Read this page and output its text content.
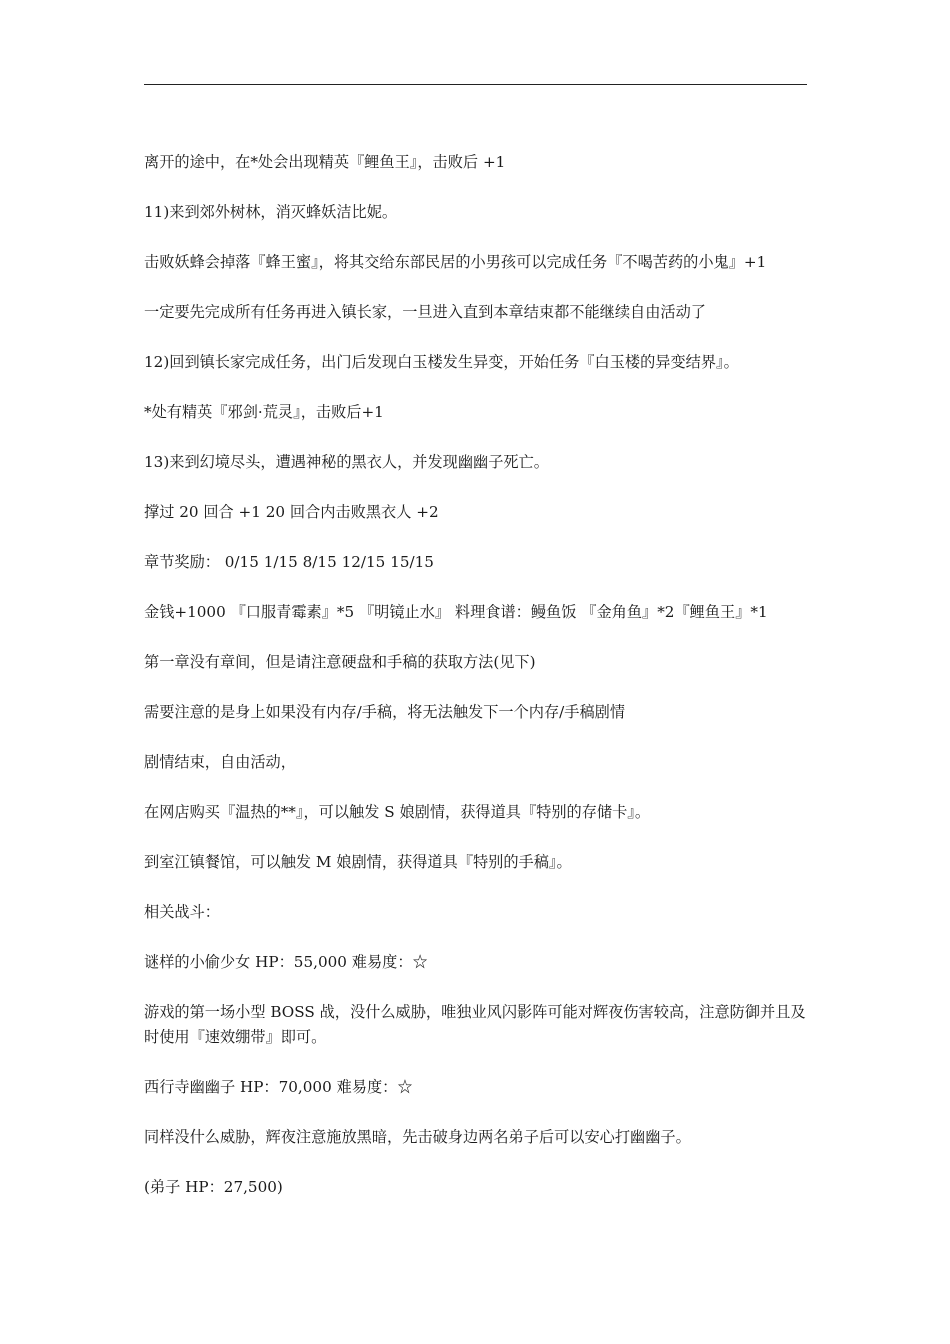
离开的途中，在*处会出现精英『鲤鱼王』，击败后 +1

11)来到郊外树林，消灭蜂妖洁比妮。

击败妖蜂会掉落『蜂王蜜』，将其交给东部民居的小男孩可以完成任务『不喝苦药的小鬼』+1

一定要先完成所有任务再进入镇长家，一旦进入直到本章结束都不能继续自由活动了

12)回到镇长家完成任务，出门后发现白玉楼发生异变，开始任务『白玉楼的异变结界』。

*处有精英『邪剑·荒灵』，击败后+1

13)来到幻境尽头，遭遇神秘的黑衣人，并发现幽幽子死亡。

撑过 20 回合 +1 20 回合内击败黑衣人 +2

章节奖励： 0/15 1/15 8/15 12/15 15/15

金钱+1000 『口服青霉素』*5 『明镜止水』 料理食谱：鳗鱼饭 『金角鱼』*2『鲤鱼王』*1

第一章没有章间，但是请注意硬盘和手稿的获取方法(见下)

需要注意的是身上如果没有内存/手稿，将无法触发下一个内存/手稿剧情

剧情结束，自由活动，

在网店购买『温热的**』，可以触发 S 娘剧情，获得道具『特别的存储卡』。

到室江镇餐馆，可以触发 M 娘剧情，获得道具『特别的手稿』。

相关战斗：

谜样的小偷少女 HP：55,000 难易度：☆

游戏的第一场小型 BOSS 战，没什么威胁，唯独业风闪影阵可能对辉夜伤害较高，注意防御并且及时使用『速效绷带』即可。

西行寺幽幽子 HP：70,000 难易度：☆

同样没什么威胁，辉夜注意施放黑暗，先击破身边两名弟子后可以安心打幽幽子。

(弟子 HP：27,500)
